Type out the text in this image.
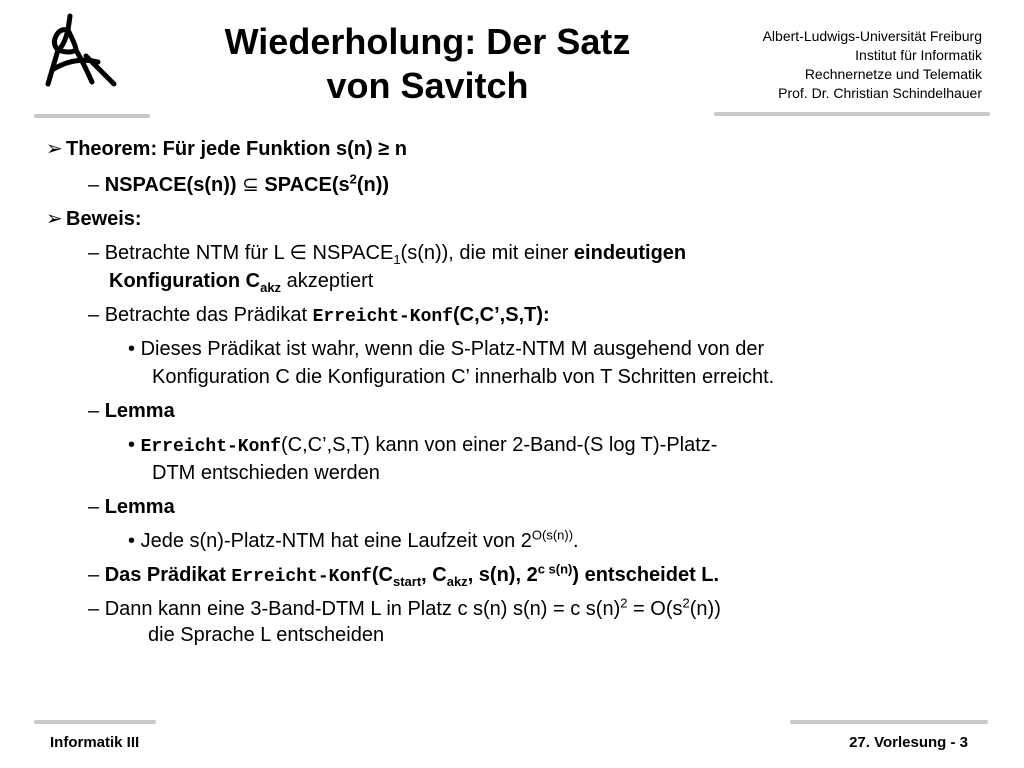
Wiederholung: Der Satz
von Savitch
Albert-Ludwigs-Universität Freiburg
Institut für Informatik
Rechnernetze und Telematik
Prof. Dr. Christian Schindelhauer
➢ Theorem: Für jede Funktion s(n) ≥ n
– NSPACE(s(n)) ⊆ $SPACE(s^2(n))$
➢ Beweis:
– Betrachte NTM für L ∈ $NSPACE_1(s(n))$, die mit einer eindeutigen
Konfiguration $C_{akz}$ akzeptiert
– Betrachte das Prädikat Erreicht-Konf(C,C’,S,T):
• Dieses Prädikat ist wahr, wenn die S-Platz-NTM M ausgehend von der
Konfiguration C die Konfiguration C’ innerhalb von T Schritten erreicht.
– Lemma
• Erreicht-Konf(C,C’,S,T) kann von einer 2-Band-(S log T)-Platz-
DTM entschieden werden
– Lemma
• Jede s(n)-Platz-NTM hat eine Laufzeit von $2^{O(s(n))}$.
– Das Prädikat Erreicht-$Konf(C_{start}$, $C_{akz}$, s(n), $2^{c s(n)}$) entscheidet L.
– Dann kann eine 3-Band-DTM L in Platz c s(n) s(n) = c $s(n)^2 = O(s^2(n))$
die Sprache L entscheiden
Informatik III	27. Vorlesung - 3
